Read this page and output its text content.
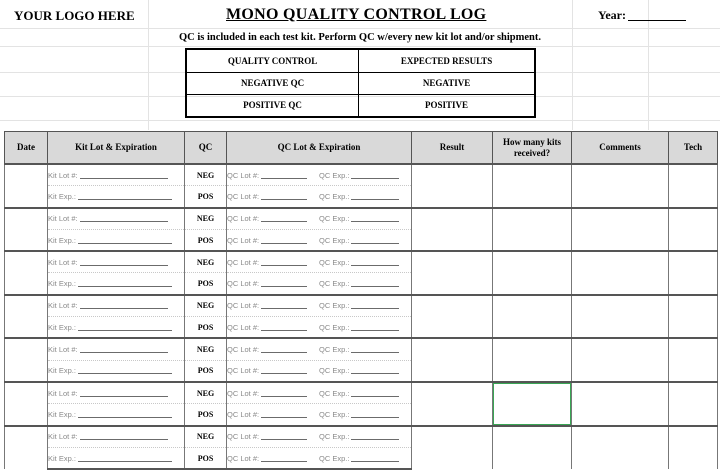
YOUR LOGO HERE	MONO QUALITY CONTROL LOG	Year:
QC is included in each test kit. Perform QC w/every new kit lot and/or shipment.
QUALITY CONTROL	EXPECTED RESULTS
NEGATIVE QC	NEGATIVE
POSITIVE QC	POSITIVE
Date	Kit Lot & Expiration	QC	QC Lot & Expiration	Result	How many kits received?	Comments	Tech
	Kit Lot #:	NEG	QC Lot #: QC Exp.:				

	Kit Exp.:	POS	QC Lot #: QC Exp.:				

	Kit Lot #:	NEG	QC Lot #: QC Exp.:				

	Kit Exp.:	POS	QC Lot #: QC Exp.:				

	Kit Lot #:	NEG	QC Lot #: QC Exp.:				

	Kit Exp.:	POS	QC Lot #: QC Exp.:				

	Kit Lot #:	NEG	QC Lot #: QC Exp.:				

	Kit Exp.:	POS	QC Lot #: QC Exp.:				

	Kit Lot #:	NEG	QC Lot #: QC Exp.:				

	Kit Exp.:	POS	QC Lot #: QC Exp.:				

	Kit Lot #:	NEG	QC Lot #: QC Exp.:				

	Kit Exp.:	POS	QC Lot #: QC Exp.:				

	Kit Lot #:	NEG	QC Lot #: QC Exp.:				

	Kit Exp.:	POS	QC Lot #: QC Exp.:				
